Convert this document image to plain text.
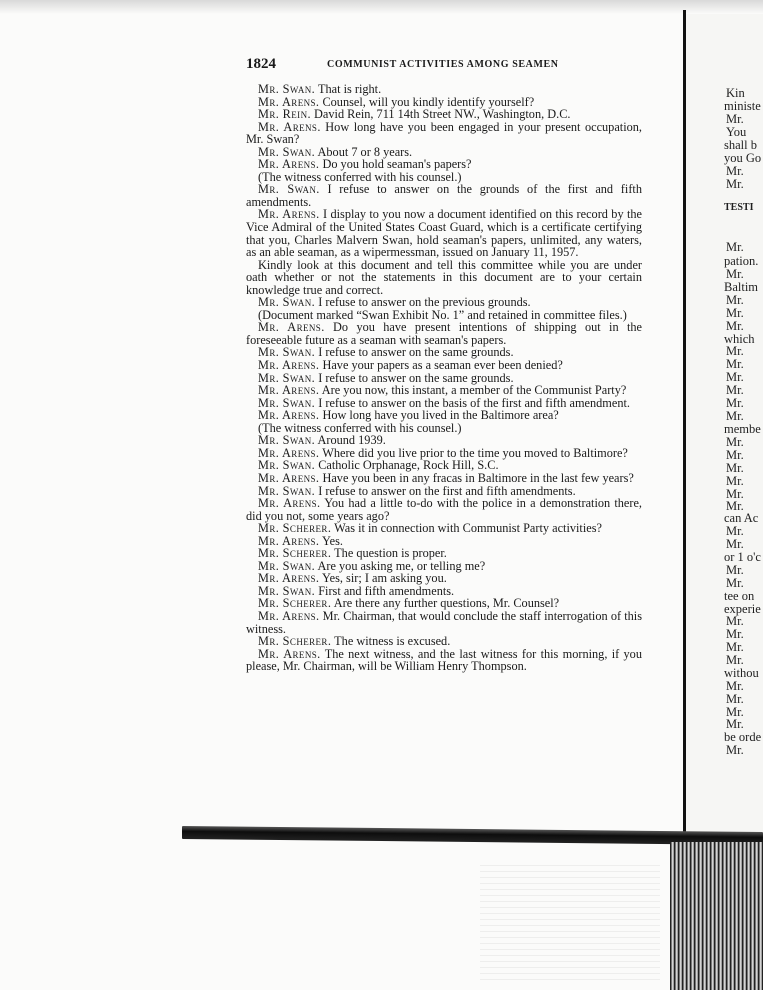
1824	COMMUNIST ACTIVITIES AMONG SEAMEN

Mr. Swan. That is right.

Mr. Arens. Counsel, will you kindly identify yourself?

Mr. Rein. David Rein, 711 14th Street NW., Washington, D.C.

Mr. Arens. How long have you been engaged in your present occupation, Mr. Swan?

Mr. Swan. About 7 or 8 years.

Mr. Arens. Do you hold seaman's papers?

(The witness conferred with his counsel.)

Mr. Swan. I refuse to answer on the grounds of the first and fifth amendments.

Mr. Arens. I display to you now a document identified on this record by the Vice Admiral of the United States Coast Guard, which is a certificate certifying that you, Charles Malvern Swan, hold seaman's papers, unlimited, any waters, as an able seaman, as a wipermessman, issued on January 11, 1957.

Kindly look at this document and tell this committee while you are under oath whether or not the statements in this document are to your certain knowledge true and correct.

Mr. Swan. I refuse to answer on the previous grounds.

(Document marked “Swan Exhibit No. 1” and retained in committee files.)

Mr. Arens. Do you have present intentions of shipping out in the foreseeable future as a seaman with seaman's papers.

Mr. Swan. I refuse to answer on the same grounds.

Mr. Arens. Have your papers as a seaman ever been denied?

Mr. Swan. I refuse to answer on the same grounds.

Mr. Arens. Are you now, this instant, a member of the Communist Party?

Mr. Swan. I refuse to answer on the basis of the first and fifth amendment.

Mr. Arens. How long have you lived in the Baltimore area?

(The witness conferred with his counsel.)

Mr. Swan. Around 1939.

Mr. Arens. Where did you live prior to the time you moved to Baltimore?

Mr. Swan. Catholic Orphanage, Rock Hill, S.C.

Mr. Arens. Have you been in any fracas in Baltimore in the last few years?

Mr. Swan. I refuse to answer on the first and fifth amendments.

Mr. Arens. You had a little to-do with the police in a demonstration there, did you not, some years ago?

Mr. Scherer. Was it in connection with Communist Party activities?

Mr. Arens. Yes.

Mr. Scherer. The question is proper.

Mr. Swan. Are you asking me, or telling me?

Mr. Arens. Yes, sir; I am asking you.

Mr. Swan. First and fifth amendments.

Mr. Scherer. Are there any further questions, Mr. Counsel?

Mr. Arens. Mr. Chairman, that would conclude the staff interrogation of this witness.

Mr. Scherer. The witness is excused.

Mr. Arens. The next witness, and the last witness for this morning, if you please, Mr. Chairman, will be William Henry Thompson.

Kin
ministe
Mr.
You
shall b
you Go
Mr.
Mr.
TESTI
Mr.
pation.
Mr.
Baltim
Mr.
Mr.
Mr.
which
Mr.
Mr.
Mr.
Mr.
Mr.
Mr.
membe
Mr.
Mr.
Mr.
Mr.
Mr.
Mr.
can Ac
Mr.
Mr.
or 1 o'c
Mr.
Mr.
tee on
experie
Mr.
Mr.
Mr.
Mr.
withou
Mr.
Mr.
Mr.
Mr.
be orde
Mr.
